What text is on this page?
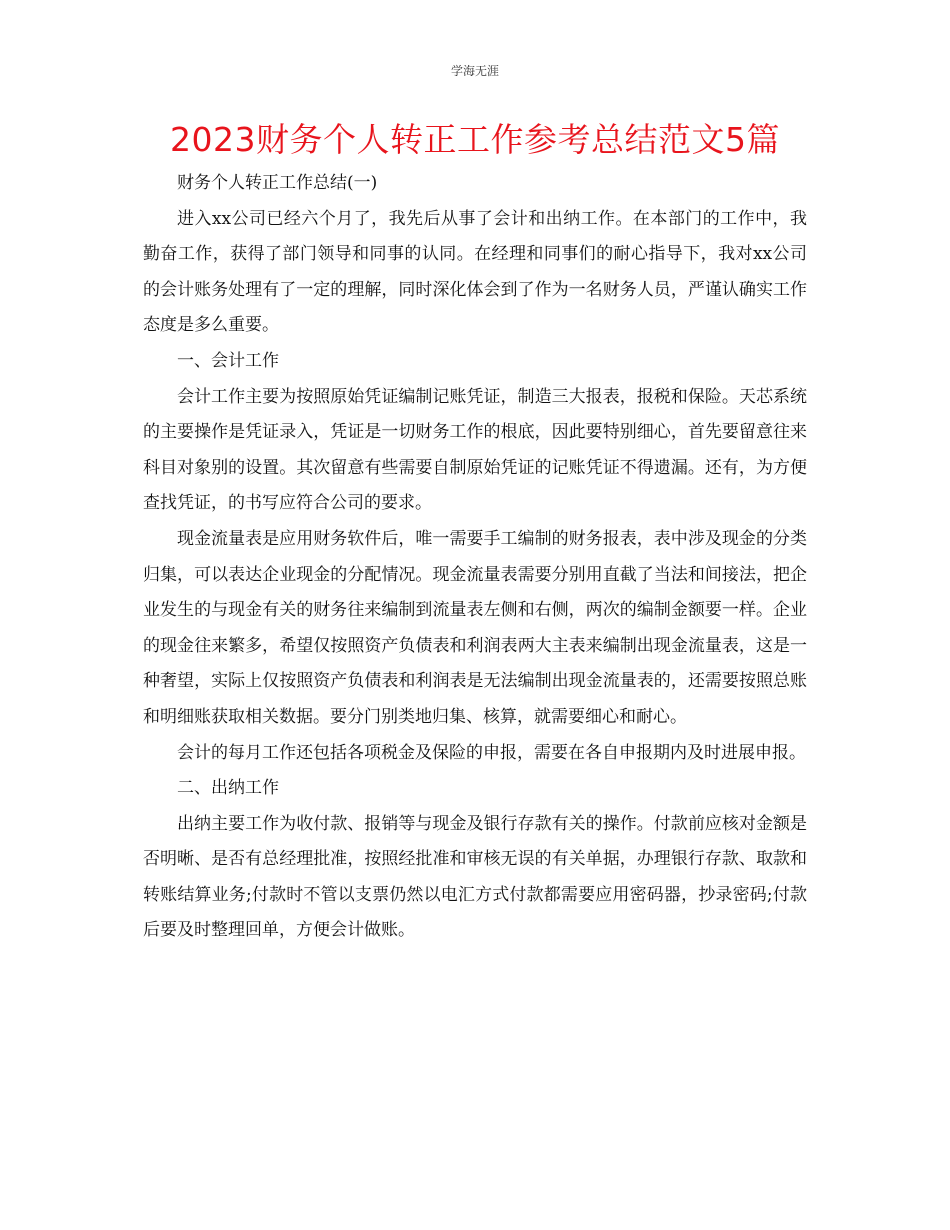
学海无涯
2023财务个人转正工作参考总结范文5篇

财务个人转正工作总结(一)

进入xx公司已经六个月了，我先后从事了会计和出纳工作。在本部门的工作中，我勤奋工作，获得了部门领导和同事的认同。在经理和同事们的耐心指导下，我对xx公司的会计账务处理有了一定的理解，同时深化体会到了作为一名财务人员，严谨认确实工作态度是多么重要。

一、会计工作

会计工作主要为按照原始凭证编制记账凭证，制造三大报表，报税和保险。天芯系统的主要操作是凭证录入，凭证是一切财务工作的根底，因此要特别细心，首先要留意往来科目对象别的设置。其次留意有些需要自制原始凭证的记账凭证不得遗漏。还有，为方便查找凭证，的书写应符合公司的要求。

现金流量表是应用财务软件后，唯一需要手工编制的财务报表，表中涉及现金的分类归集，可以表达企业现金的分配情况。现金流量表需要分别用直截了当法和间接法，把企业发生的与现金有关的财务往来编制到流量表左侧和右侧，两次的编制金额要一样。企业的现金往来繁多，希望仅按照资产负债表和利润表两大主表来编制出现金流量表，这是一种奢望，实际上仅按照资产负债表和利润表是无法编制出现金流量表的，还需要按照总账和明细账获取相关数据。要分门别类地归集、核算，就需要细心和耐心。

会计的每月工作还包括各项税金及保险的申报，需要在各自申报期内及时进展申报。

二、出纳工作

出纳主要工作为收付款、报销等与现金及银行存款有关的操作。付款前应核对金额是否明晰、是否有总经理批准，按照经批准和审核无误的有关单据，办理银行存款、取款和转账结算业务;付款时不管以支票仍然以电汇方式付款都需要应用密码器，抄录密码;付款后要及时整理回单，方便会计做账。
